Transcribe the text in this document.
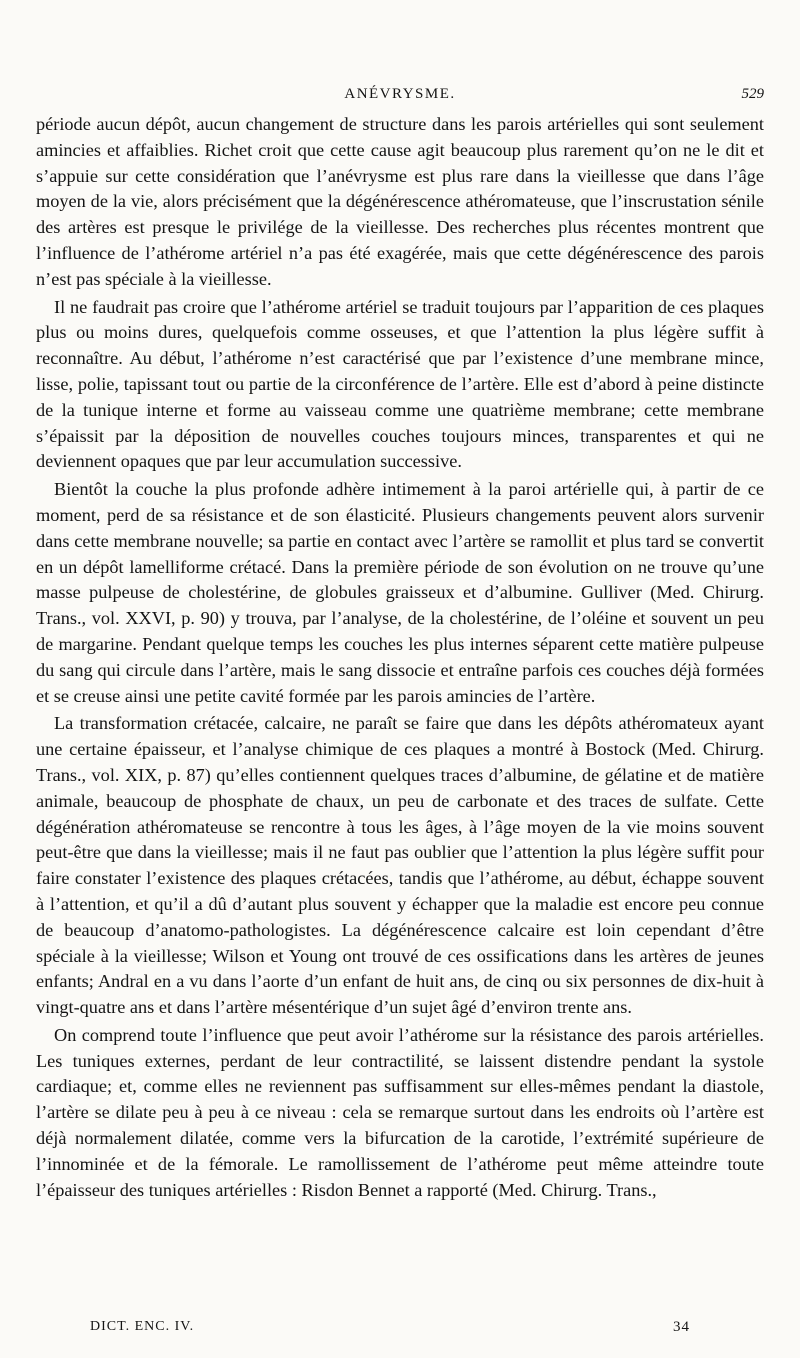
ANÉVRYSME.	529

période aucun dépôt, aucun changement de structure dans les parois artérielles qui sont seulement amincies et affaiblies. Richet croit que cette cause agit beaucoup plus rarement qu’on ne le dit et s’appuie sur cette considération que l’anévrysme est plus rare dans la vieillesse que dans l’âge moyen de la vie, alors précisément que la dégénérescence athéromateuse, que l’inscrustation sénile des artères est presque le privilége de la vieillesse. Des recherches plus récentes montrent que l’influence de l’athérome artériel n’a pas été exagérée, mais que cette dégénérescence des parois n’est pas spéciale à la vieillesse.

Il ne faudrait pas croire que l’athérome artériel se traduit toujours par l’apparition de ces plaques plus ou moins dures, quelquefois comme osseuses, et que l’attention la plus légère suffit à reconnaître. Au début, l’athérome n’est caractérisé que par l’existence d’une membrane mince, lisse, polie, tapissant tout ou partie de la circonférence de l’artère. Elle est d’abord à peine distincte de la tunique interne et forme au vaisseau comme une quatrième membrane; cette membrane s’épaissit par la déposition de nouvelles couches toujours minces, transparentes et qui ne deviennent opaques que par leur accumulation successive.

Bientôt la couche la plus profonde adhère intimement à la paroi artérielle qui, à partir de ce moment, perd de sa résistance et de son élasticité. Plusieurs changements peuvent alors survenir dans cette membrane nouvelle; sa partie en contact avec l’artère se ramollit et plus tard se convertit en un dépôt lamelliforme crétacé. Dans la première période de son évolution on ne trouve qu’une masse pulpeuse de cholestérine, de globules graisseux et d’albumine. Gulliver (Med. Chirurg. Trans., vol. XXVI, p. 90) y trouva, par l’analyse, de la cholestérine, de l’oléine et souvent un peu de margarine. Pendant quelque temps les couches les plus internes séparent cette matière pulpeuse du sang qui circule dans l’artère, mais le sang dissocie et entraîne parfois ces couches déjà formées et se creuse ainsi une petite cavité formée par les parois amincies de l’artère.

La transformation crétacée, calcaire, ne paraît se faire que dans les dépôts athéromateux ayant une certaine épaisseur, et l’analyse chimique de ces plaques a montré à Bostock (Med. Chirurg. Trans., vol. XIX, p. 87) qu’elles contiennent quelques traces d’albumine, de gélatine et de matière animale, beaucoup de phosphate de chaux, un peu de carbonate et des traces de sulfate. Cette dégénération athéromateuse se rencontre à tous les âges, à l’âge moyen de la vie moins souvent peut-être que dans la vieillesse; mais il ne faut pas oublier que l’attention la plus légère suffit pour faire constater l’existence des plaques crétacées, tandis que l’athérome, au début, échappe souvent à l’attention, et qu’il a dû d’autant plus souvent y échapper que la maladie est encore peu connue de beaucoup d’anatomo-pathologistes. La dégénérescence calcaire est loin cependant d’être spéciale à la vieillesse; Wilson et Young ont trouvé de ces ossifications dans les artères de jeunes enfants; Andral en a vu dans l’aorte d’un enfant de huit ans, de cinq ou six personnes de dix-huit à vingt-quatre ans et dans l’artère mésentérique d’un sujet âgé d’environ trente ans.

On comprend toute l’influence que peut avoir l’athérome sur la résistance des parois artérielles. Les tuniques externes, perdant de leur contractilité, se laissent distendre pendant la systole cardiaque; et, comme elles ne reviennent pas suffisamment sur elles-mêmes pendant la diastole, l’artère se dilate peu à peu à ce niveau : cela se remarque surtout dans les endroits où l’artère est déjà normalement dilatée, comme vers la bifurcation de la carotide, l’extrémité supérieure de l’innominée et de la fémorale. Le ramollissement de l’athérome peut même atteindre toute l’épaisseur des tuniques artérielles : Risdon Bennet a rapporté (Med. Chirurg. Trans.,

DICT. ENC. IV.	34
